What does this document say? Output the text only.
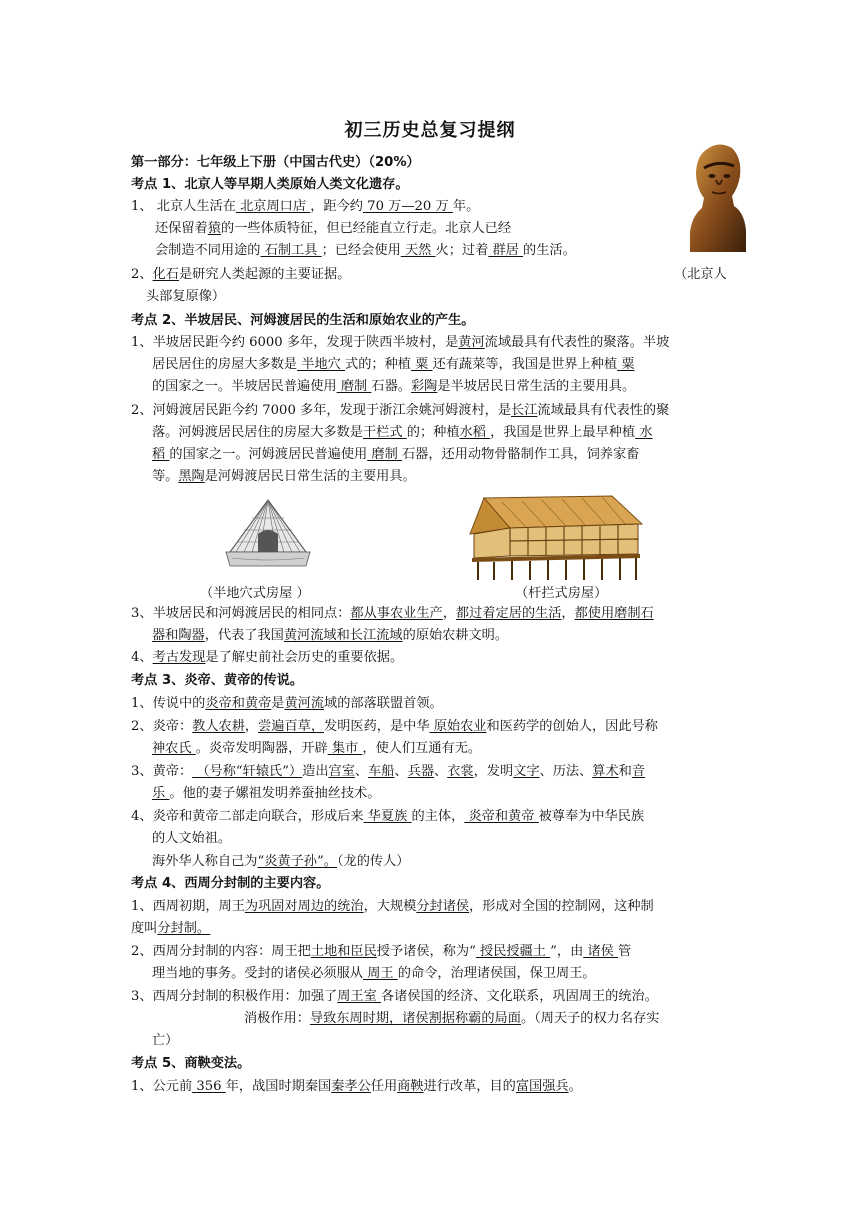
初三历史总复习提纲
第一部分：七年级上下册（中国古代史）（20%）
考点 1、北京人等早期人类原始人类文化遗存。
1、 北京人生活在 北京周口店 ，距今约 70 万—20 万 年。
还保留着猿的一些体质特征，但已经能直立行走。北京人已经
会制造不同用途的 石制工具 ；已经会使用 天然 火；过着 群居 的生活。
2、化石是研究人类起源的主要证据。	（北京人
头部复原像）
考点 2、半坡居民、河姆渡居民的生活和原始农业的产生。
1、半坡居民距今约 6000 多年，发现于陕西半坡村，是黄河流域最具有代表性的聚落。半坡
居民居住的房屋大多数是 半地穴 式的；种植 粟 还有蔬菜等，我国是世界上种植 粟
的国家之一。半坡居民普遍使用 磨制 石器。彩陶是半坡居民日常生活的主要用具。
2、河姆渡居民距今约 7000 多年，发现于浙江余姚河姆渡村，是长江流域最具有代表性的聚
落。河姆渡居民居住的房屋大多数是干栏式 的；种植水稻 ，我国是世界上最早种植 水
稻 的国家之一。河姆渡居民普遍使用 磨制 石器，还用动物骨骼制作工具，饲养家畜
等。黑陶是河姆渡居民日常生活的主要用具。
（半地穴式房屋 ）	（杆拦式房屋）
3、半坡居民和河姆渡居民的相同点：都从事农业生产，都过着定居的生活，都使用磨制石
器和陶器，代表了我国黄河流域和长江流域的原始农耕文明。
4、考古发现是了解史前社会历史的重要依据。
考点 3、炎帝、黄帝的传说。
1、传说中的炎帝和黄帝是黄河流域的部落联盟首领。
2、炎帝：教人农耕，尝遍百草，发明医药，是中华 原始农业和医药学的创始人，因此号称
神农氏 。炎帝发明陶器，开辟 集市 ，使人们互通有无。
3、黄帝： （号称“轩辕氏”）造出宫室、车船、兵器、衣裳，发明文字、历法、算术和音
乐 。他的妻子嫘祖发明养蚕抽丝技术。
4、炎帝和黄帝二部走向联合，形成后来 华夏族 的主体， 炎帝和黄帝 被尊奉为中华民族
的人文始祖。
海外华人称自己为“炎黄子孙”。（龙的传人）
考点 4、西周分封制的主要内容。
1、西周初期，周王为巩固对周边的统治，大规模分封诸侯，形成对全国的控制网，这种制
度叫分封制。
2、西周分封制的内容：周王把土地和臣民授予诸侯，称为“ 授民授疆土 ”，由 诸侯 管
理当地的事务。受封的诸侯必须服从 周王 的命令，治理诸侯国，保卫周王。
3、西周分封制的积极作用：加强了周王室 各诸侯国的经济、文化联系，巩固周王的统治。
消极作用：导致东周时期，诸侯割据称霸的局面。（周天子的权力名存实
亡）
考点 5、商鞅变法。
1、公元前 356 年，战国时期秦国秦孝公任用商鞅进行改革，目的富国强兵。
